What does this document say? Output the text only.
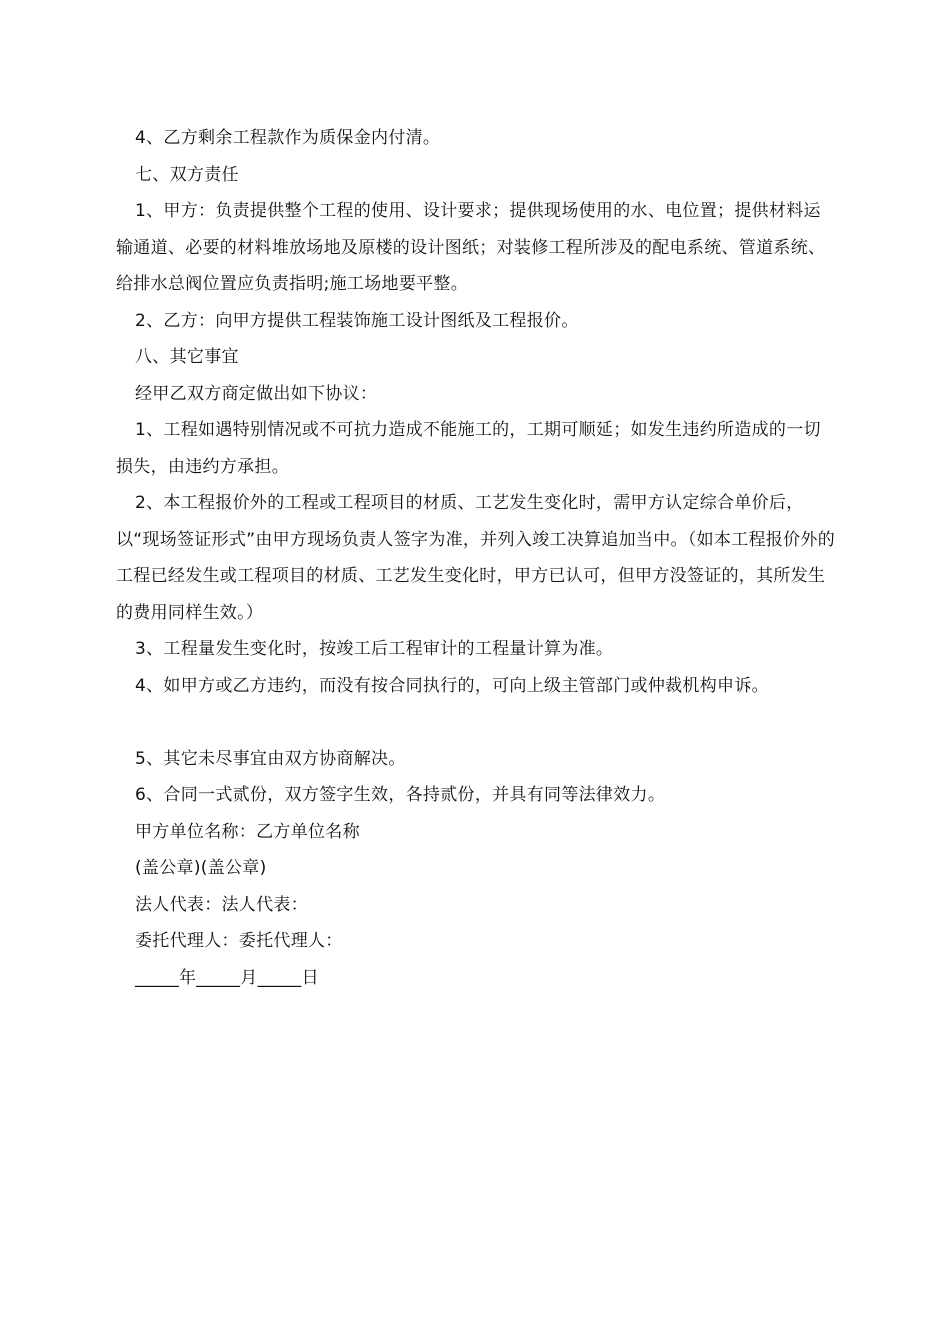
4、乙方剩余工程款作为质保金内付清。

七、双方责任

1、甲方：负责提供整个工程的使用、设计要求；提供现场使用的水、电位置；提供材料运输通道、必要的材料堆放场地及原楼的设计图纸；对装修工程所涉及的配电系统、管道系统、给排水总阀位置应负责指明;施工场地要平整。

2、乙方：向甲方提供工程装饰施工设计图纸及工程报价。

八、其它事宜

经甲乙双方商定做出如下协议：

1、工程如遇特别情况或不可抗力造成不能施工的，工期可顺延；如发生违约所造成的一切损失，由违约方承担。

2、本工程报价外的工程或工程项目的材质、工艺发生变化时，需甲方认定综合单价后，以“现场签证形式”由甲方现场负责人签字为准，并列入竣工决算追加当中。（如本工程报价外的工程已经发生或工程项目的材质、工艺发生变化时，甲方已认可，但甲方没签证的，其所发生的费用同样生效。）

3、工程量发生变化时，按竣工后工程审计的工程量计算为准。

4、如甲方或乙方违约，而没有按合同执行的，可向上级主管部门或仲裁机构申诉。

5、其它未尽事宜由双方协商解决。

6、合同一式贰份，双方签字生效，各持贰份，并具有同等法律效力。

甲方单位名称：乙方单位名称

(盖公章)(盖公章)

法人代表：法人代表：

委托代理人：委托代理人：

_____年_____月_____日
